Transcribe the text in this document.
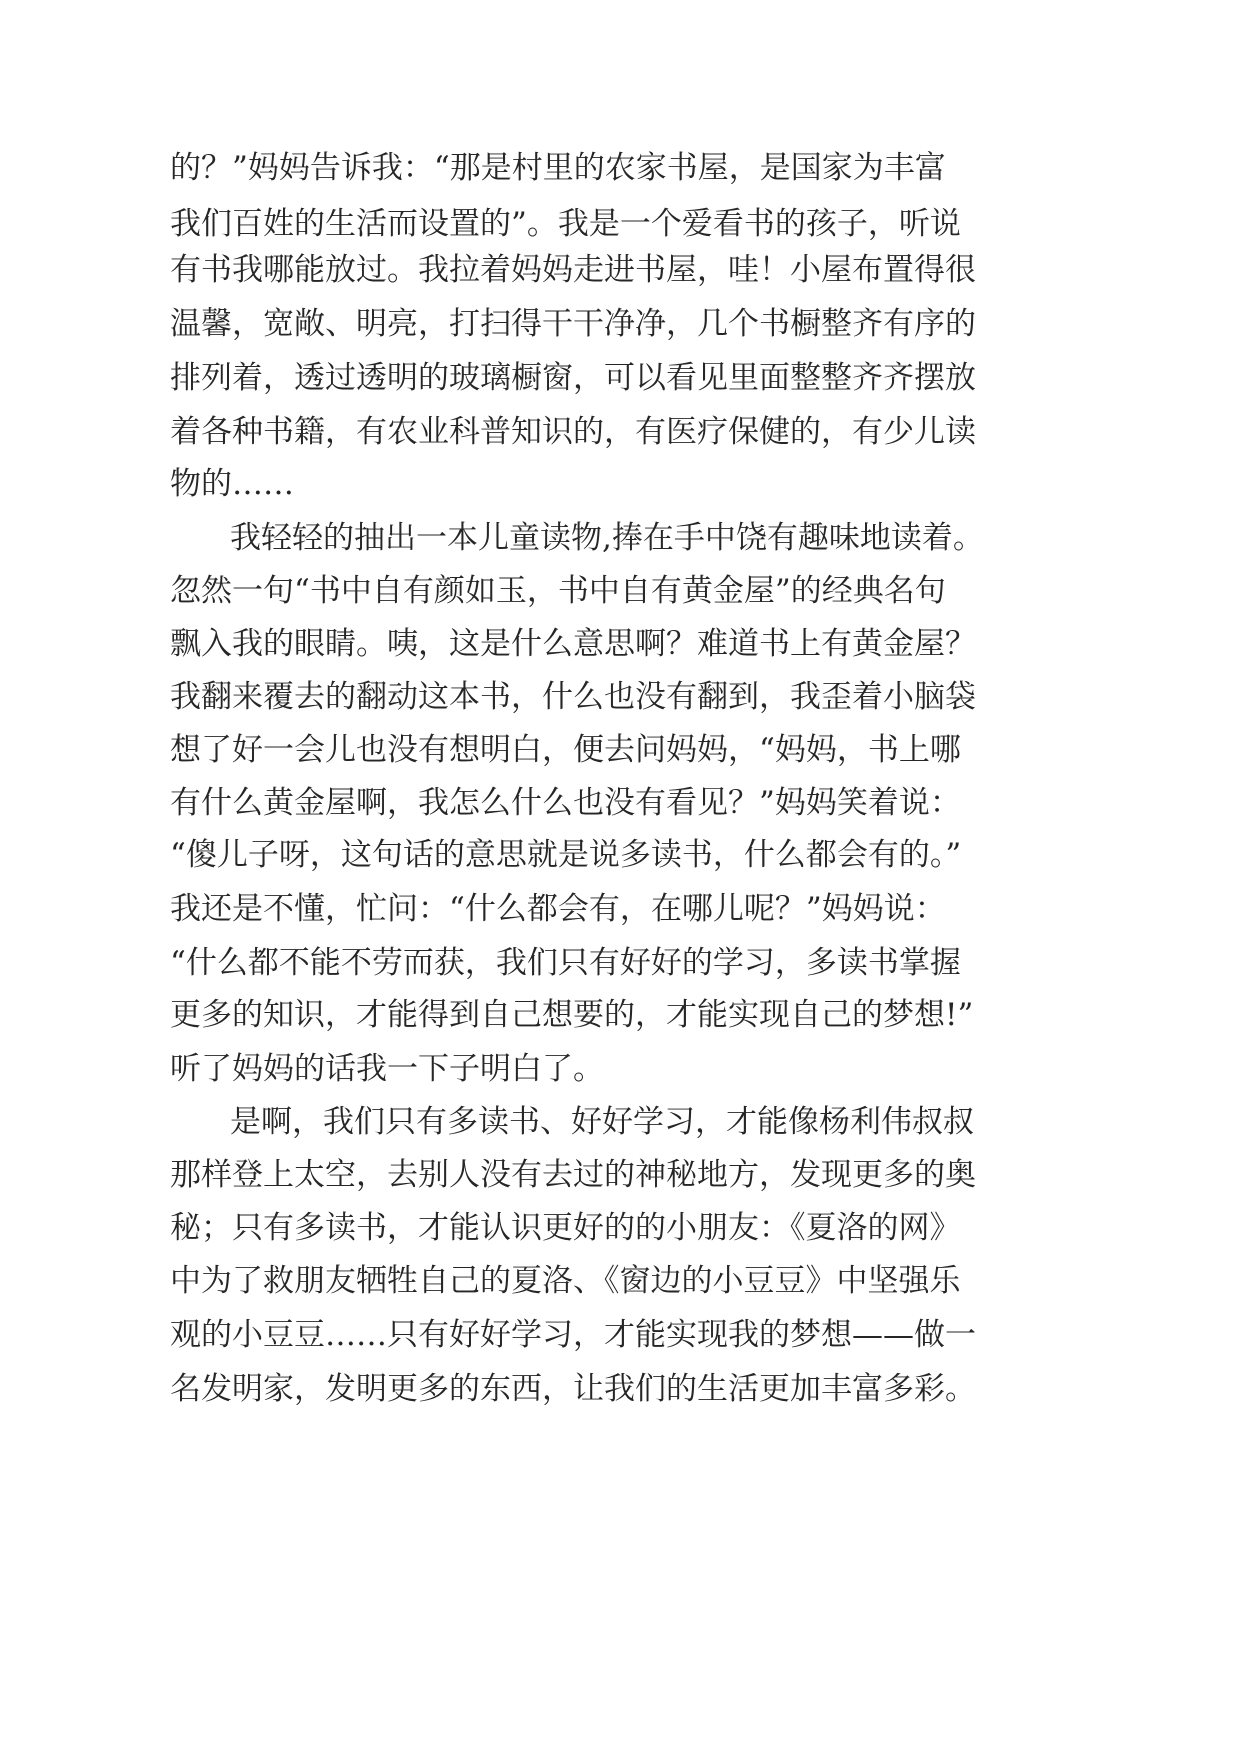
的？”妈妈告诉我：“那是村里的农家书屋，是国家为丰富
我们百姓的生活而设置的”。我是一个爱看书的孩子，听说
有书我哪能放过。我拉着妈妈走进书屋，哇！小屋布置得很
温馨，宽敞、明亮，打扫得干干净净，几个书橱整齐有序的
排列着，透过透明的玻璃橱窗，可以看见里面整整齐齐摆放
着各种书籍，有农业科普知识的，有医疗保健的，有少儿读
物的……
我轻轻的抽出一本儿童读物,捧在手中饶有趣味地读着。
忽然一句“书中自有颜如玉，书中自有黄金屋”的经典名句
飘入我的眼睛。咦，这是什么意思啊？难道书上有黄金屋？
我翻来覆去的翻动这本书，什么也没有翻到，我歪着小脑袋
想了好一会儿也没有想明白，便去问妈妈，“妈妈，书上哪
有什么黄金屋啊，我怎么什么也没有看见？”妈妈笑着说：
“傻儿子呀，这句话的意思就是说多读书，什么都会有的。”
我还是不懂，忙问：“什么都会有，在哪儿呢？”妈妈说：
“什么都不能不劳而获，我们只有好好的学习，多读书掌握
更多的知识，才能得到自己想要的，才能实现自己的梦想!”
听了妈妈的话我一下子明白了。
是啊，我们只有多读书、好好学习，才能像杨利伟叔叔
那样登上太空，去别人没有去过的神秘地方，发现更多的奥
秘；只有多读书，才能认识更好的的小朋友：《夏洛的网》
中为了救朋友牺牲自己的夏洛、《窗边的小豆豆》中坚强乐
观的小豆豆……只有好好学习，才能实现我的梦想——做一
名发明家，发明更多的东西，让我们的生活更加丰富多彩。
